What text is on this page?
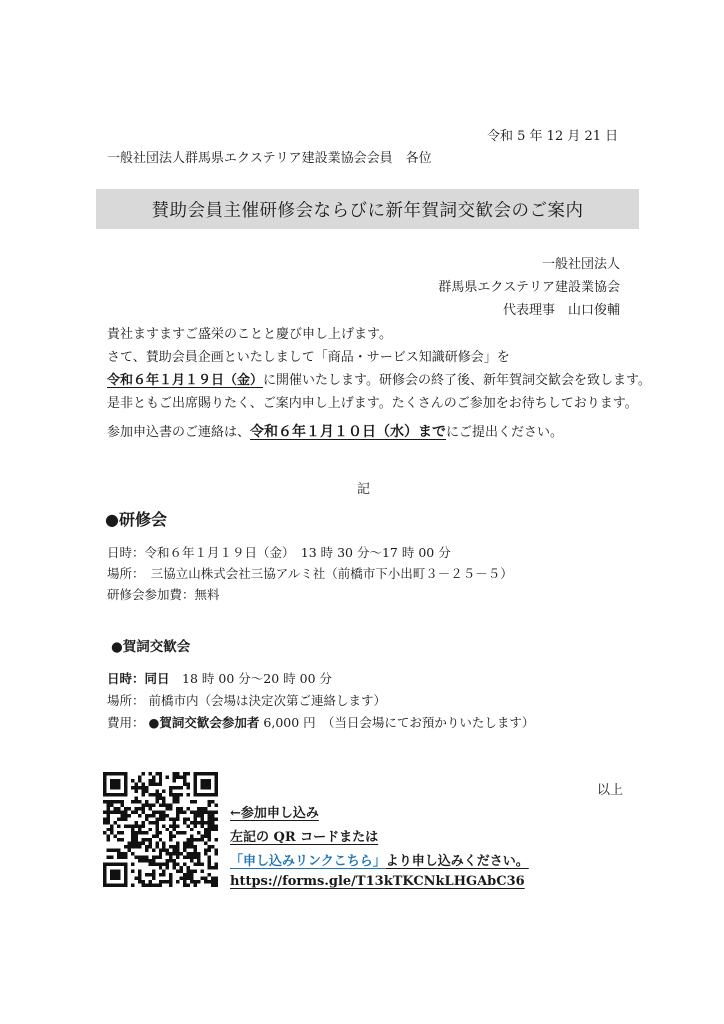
令和 5 年 12 月 21 日
一般社団法人群馬県エクステリア建設業協会会員　各位
賛助会員主催研修会ならびに新年賀詞交歓会のご案内
一般社団法人
群馬県エクステリア建設業協会
代表理事　山口俊輔
貴社ますますご盛栄のことと慶び申し上げます。
さて、賛助会員企画といたしまして「商品・サービス知識研修会」を
令和６年１月１９日（金）に開催いたします。研修会の終了後、新年賀詞交歓会を致します。
是非ともご出席賜りたく、ご案内申し上げます。たくさんのご参加をお待ちしております。
参加申込書のご連絡は、令和６年１月１０日（水）までにご提出ください。
記
●研修会
日時：令和６年１月１９日（金）　13 時 30 分～17 時 00 分
場所：　三協立山株式会社三協アルミ社（前橋市下小出町３－２５－５）
研修会参加費：無料
●賀詞交歓会
日時：同日　 18 時 00 分～20 時 00 分
場所： 前橋市内（会場は決定次第ご連絡します）
費用： ●賀詞交歓会参加者 6,000 円　（当日会場にてお預かりいたします）
以上
←参加申し込み
左記の QR コードまたは
「申し込みリンクこちら」より申し込みください。
https://forms.gle/T13kTKCNkLHGAbC36
